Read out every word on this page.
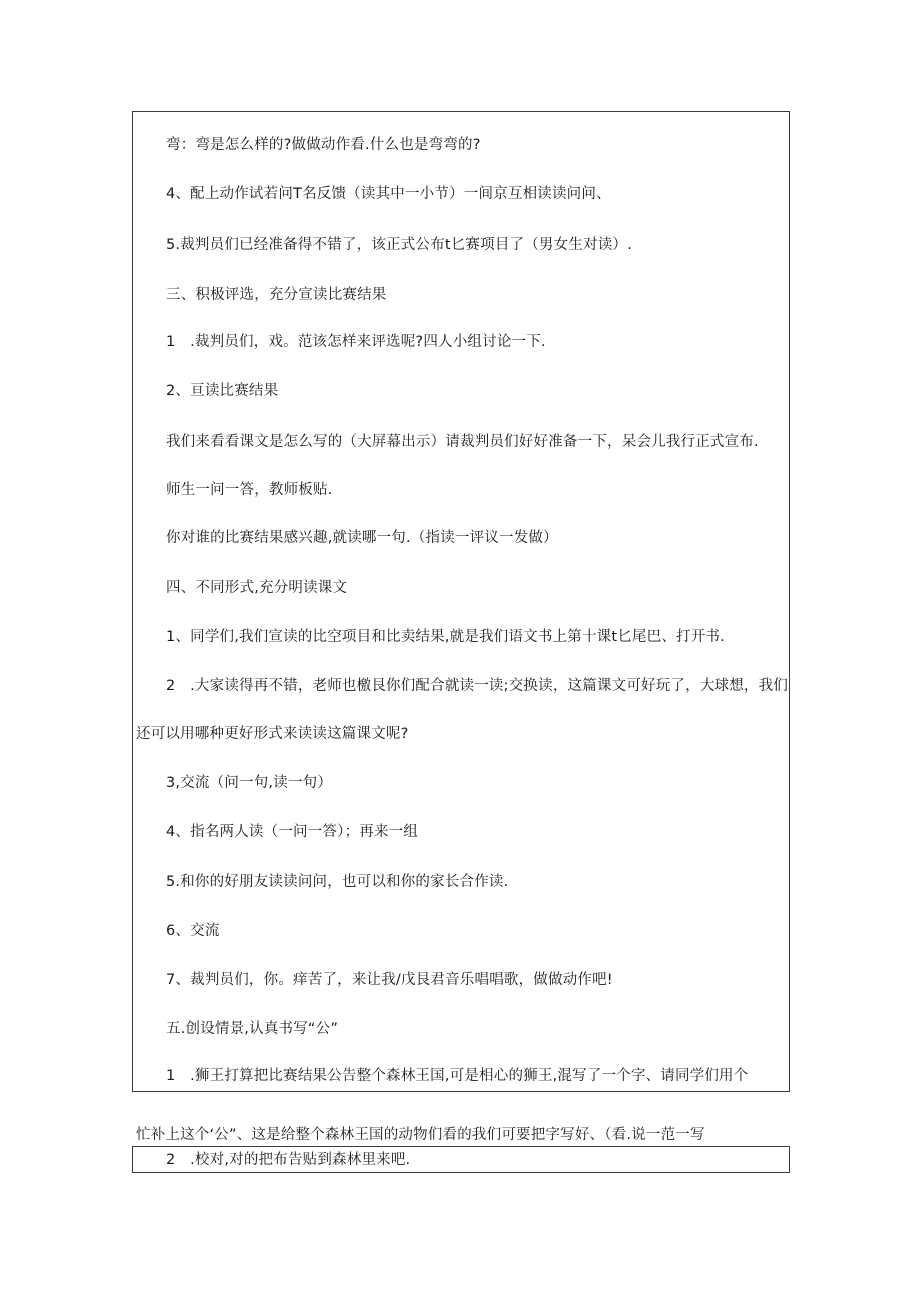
弯：弯是怎么样的?做做动作看.什么也是弯弯的?
4、配上动作试若问T名反馈（读其中一小节）一间京互相读读问问、
5.裁判员们已经准备得不错了，该正式公布t匕赛项目了（男女生对读）.
三、积极评选，充分宣读比赛结果
1　.裁判员们，戏。范该怎样来评选呢?四人小组讨论一下.
2、亘读比赛结果
我们来看看课文是怎么写的（大屏幕出示）请裁判员们好好准备一下，呆会儿我行正式宣布.
师生一问一答，教师板贴.
你对谁的比赛结果感兴趣,就读哪一句.（指读一评议一发做）
四、不同形式,充分明读课文
1、同学们,我们宣读的比空项目和比卖结果,就是我们语文书上第十课t匕尾巴、打开书.
2　.大家读得再不错，老师也檄艮你们配合就读一读;交换读，这篇课文可好玩了，大球想，我们
还可以用哪种更好形式来读读这篇课文呢?
3,交流（问一句,读一句）
4、指名两人读（一问一答）；再来一组
5.和你的好朋友读读问问，也可以和你的家长合作读.
6、交流
7、裁判员们，你。痒苦了，来让我/戊艮君音乐唱唱歌，做做动作吧!
五.创设情景,认真书写“公”
1　.狮王打算把比赛结果公告整个森林王国,可是相心的狮王,混写了一个字、请同学们用个
忙补上这个‘公”、这是给整个森林王国的动物们看的我们可要把字写好、（看.说一范一写
2　.校对,对的把布告贴到森林里来吧.
